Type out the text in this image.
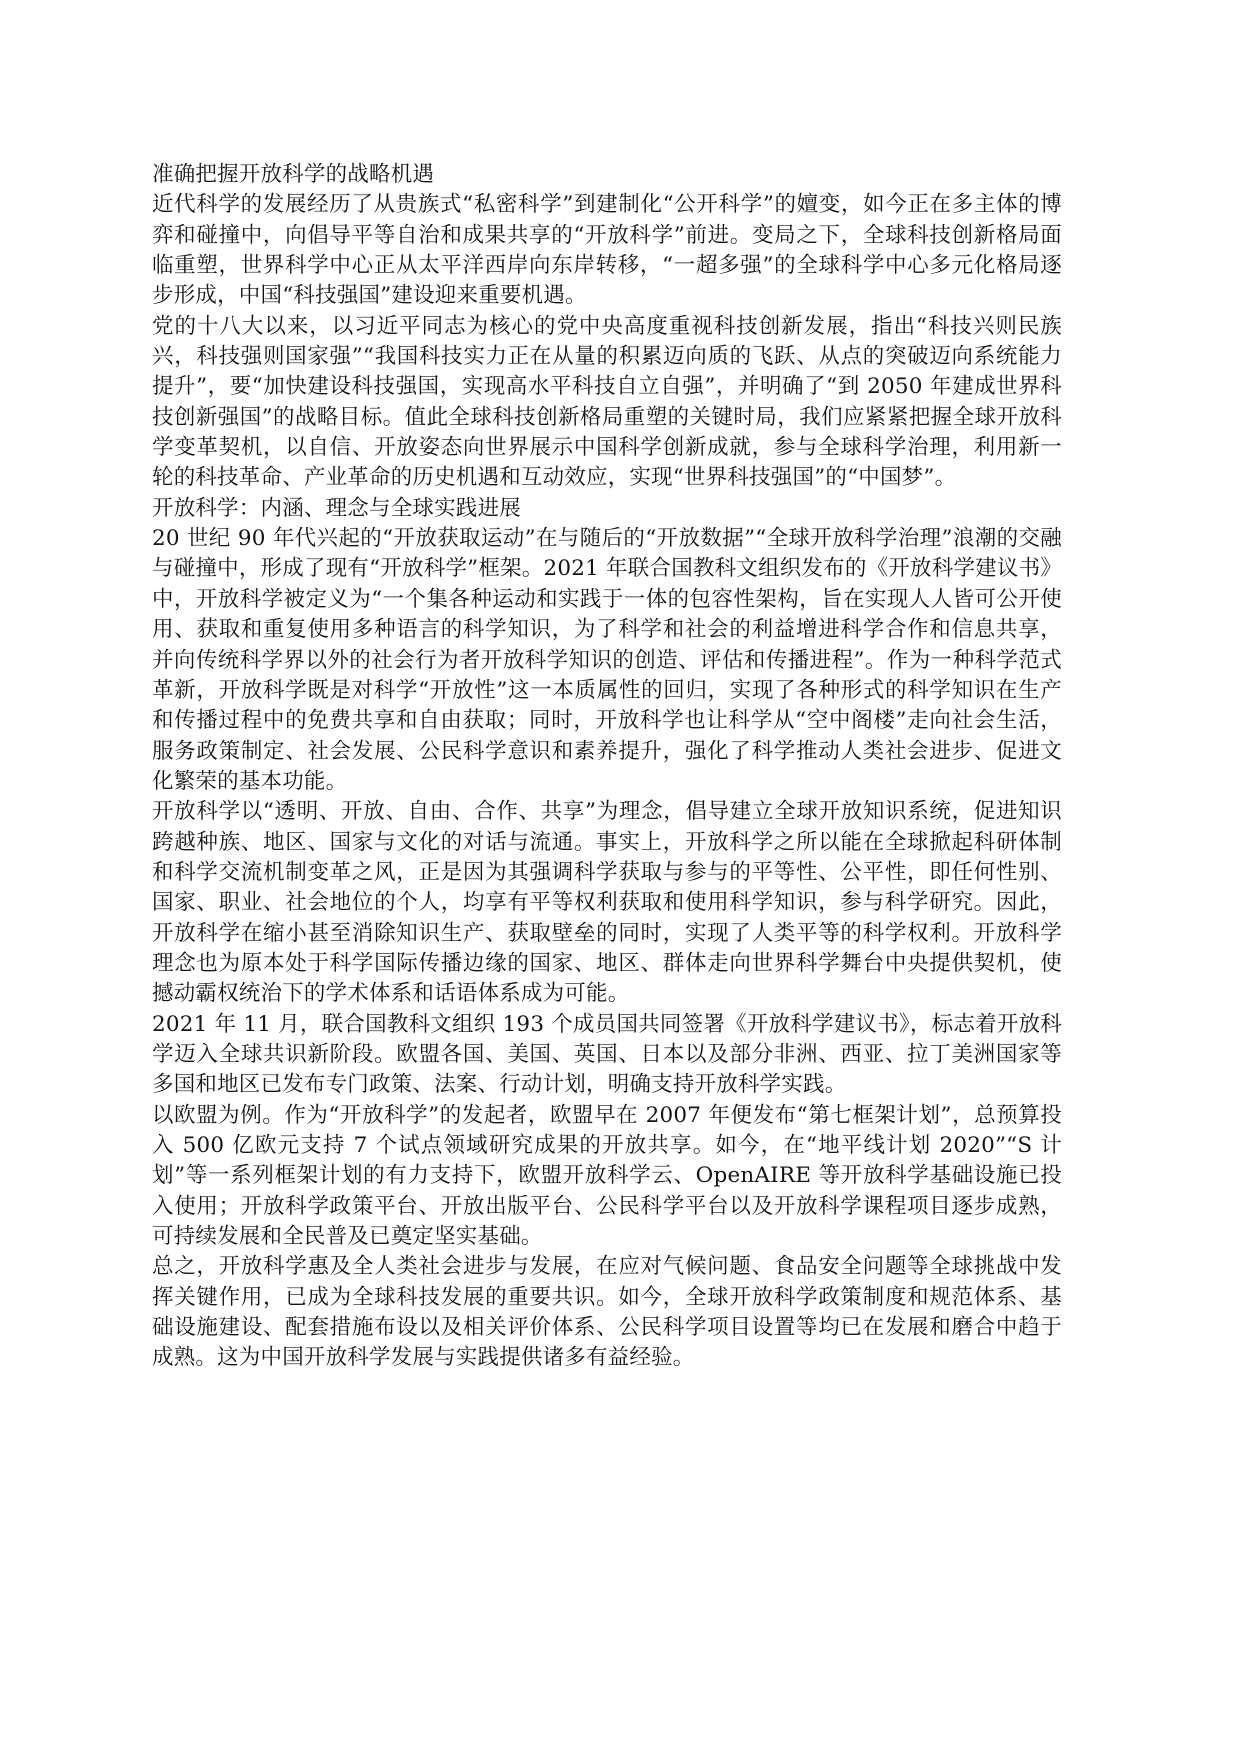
准确把握开放科学的战略机遇

近代科学的发展经历了从贵族式“私密科学”到建制化“公开科学”的嬗变，如今正在多主体的博弈和碰撞中，向倡导平等自治和成果共享的“开放科学”前进。变局之下，全球科技创新格局面临重塑，世界科学中心正从太平洋西岸向东岸转移，“一超多强”的全球科学中心多元化格局逐步形成，中国“科技强国”建设迎来重要机遇。

党的十八大以来，以习近平同志为核心的党中央高度重视科技创新发展，指出“科技兴则民族兴，科技强则国家强”“我国科技实力正在从量的积累迈向质的飞跃、从点的突破迈向系统能力提升”，要“加快建设科技强国，实现高水平科技自立自强”，并明确了“到 2050 年建成世界科技创新强国”的战略目标。值此全球科技创新格局重塑的关键时局，我们应紧紧把握全球开放科学变革契机，以自信、开放姿态向世界展示中国科学创新成就，参与全球科学治理，利用新一轮的科技革命、产业革命的历史机遇和互动效应，实现“世界科技强国”的“中国梦”。

开放科学：内涵、理念与全球实践进展

20 世纪 90 年代兴起的“开放获取运动”在与随后的“开放数据”“全球开放科学治理”浪潮的交融与碰撞中，形成了现有“开放科学”框架。2021 年联合国教科文组织发布的《开放科学建议书》中，开放科学被定义为“一个集各种运动和实践于一体的包容性架构，旨在实现人人皆可公开使用、获取和重复使用多种语言的科学知识，为了科学和社会的利益增进科学合作和信息共享，并向传统科学界以外的社会行为者开放科学知识的创造、评估和传播进程”。作为一种科学范式革新，开放科学既是对科学“开放性”这一本质属性的回归，实现了各种形式的科学知识在生产和传播过程中的免费共享和自由获取；同时，开放科学也让科学从“空中阁楼”走向社会生活，服务政策制定、社会发展、公民科学意识和素养提升，强化了科学推动人类社会进步、促进文化繁荣的基本功能。

开放科学以“透明、开放、自由、合作、共享”为理念，倡导建立全球开放知识系统，促进知识跨越种族、地区、国家与文化的对话与流通。事实上，开放科学之所以能在全球掀起科研体制和科学交流机制变革之风，正是因为其强调科学获取与参与的平等性、公平性，即任何性别、国家、职业、社会地位的个人，均享有平等权利获取和使用科学知识，参与科学研究。因此，开放科学在缩小甚至消除知识生产、获取壁垒的同时，实现了人类平等的科学权利。开放科学理念也为原本处于科学国际传播边缘的国家、地区、群体走向世界科学舞台中央提供契机，使撼动霸权统治下的学术体系和话语体系成为可能。

2021 年 11 月，联合国教科文组织 193 个成员国共同签署《开放科学建议书》，标志着开放科学迈入全球共识新阶段。欧盟各国、美国、英国、日本以及部分非洲、西亚、拉丁美洲国家等多国和地区已发布专门政策、法案、行动计划，明确支持开放科学实践。

以欧盟为例。作为“开放科学”的发起者，欧盟早在 2007 年便发布“第七框架计划”，总预算投入 500 亿欧元支持 7 个试点领域研究成果的开放共享。如今，在“地平线计划 2020”“S 计划”等一系列框架计划的有力支持下，欧盟开放科学云、OpenAIRE 等开放科学基础设施已投入使用；开放科学政策平台、开放出版平台、公民科学平台以及开放科学课程项目逐步成熟，可持续发展和全民普及已奠定坚实基础。

总之，开放科学惠及全人类社会进步与发展，在应对气候问题、食品安全问题等全球挑战中发挥关键作用，已成为全球科技发展的重要共识。如今，全球开放科学政策制度和规范体系、基础设施建设、配套措施布设以及相关评价体系、公民科学项目设置等均已在发展和磨合中趋于成熟。这为中国开放科学发展与实践提供诸多有益经验。
